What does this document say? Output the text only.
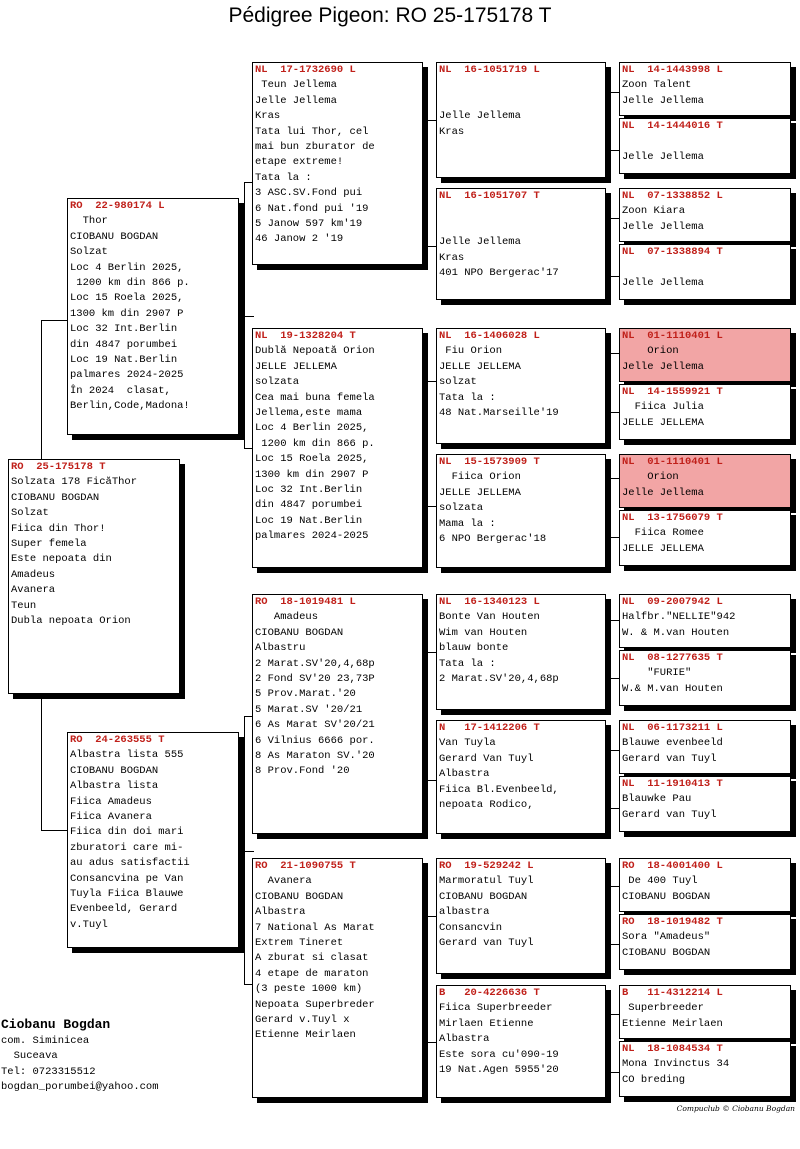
Pédigree Pigeon: RO 25-175178 T
RO  25-175178 T
Solzata 178 FicăThor
CIOBANU BOGDAN
Solzat
Fiica din Thor!
Super femela
Este nepoata din
Amadeus
Avanera
Teun
Dubla nepoata Orion
RO  22-980174 L
Thor
CIOBANU BOGDAN
Solzat
Loc 4 Berlin 2025,
1200 km din 866 p.
Loc 15 Roela 2025,
1300 km din 2907 P
Loc 32 Int.Berlin
din 4847 porumbei
Loc 19 Nat.Berlin
palmares 2024-2025
În 2024  clasat,
Berlin,Code,Madona!
RO  24-263555 T
Albastra lista 555
CIOBANU BOGDAN
Albastra lista
Fiica Amadeus
Fiica Avanera
Fiica din doi mari
zburatori care mi-
au adus satisfactii
Consancvina pe Van
Tuyla Fiica Blauwe
Evenbeeld, Gerard
v.Tuyl
NL  17-1732690 L
Teun Jellema
Jelle Jellema
Kras
Tata lui Thor, cel
mai bun zburator de
etape extreme!
Tata la :
3 ASC.SV.Fond pui
6 Nat.fond pui '19
5 Janow 597 km'19
46 Janow 2 '19
NL  19-1328204 T
Dublă Nepoată Orion
JELLE JELLEMA
solzata
Cea mai buna femela
Jellema,este mama
Loc 4 Berlin 2025,
1200 km din 866 p.
Loc 15 Roela 2025,
1300 km din 2907 P
Loc 32 Int.Berlin
din 4847 porumbei
Loc 19 Nat.Berlin
palmares 2024-2025
RO  18-1019481 L
Amadeus
CIOBANU BOGDAN
Albastru
2 Marat.SV'20,4,68p
2 Fond SV'20 23,73P
5 Prov.Marat.'20
5 Marat.SV '20/21
6 As Marat SV'20/21
6 Vilnius 6666 por.
8 As Maraton SV.'20
8 Prov.Fond '20
RO  21-1090755 T
Avanera
CIOBANU BOGDAN
Albastra
7 National As Marat
Extrem Tineret
A zburat si clasat
4 etape de maraton
(3 peste 1000 km)
Nepoata Superbreder
Gerard v.Tuyl x
Etienne Meirlaen
NL  16-1051719 L

Jelle Jellema
Kras
NL  16-1051707 T

Jelle Jellema
Kras
401 NPO Bergerac'17
NL  16-1406028 L
Fiu Orion
JELLE JELLEMA
solzat
Tata la :
48 Nat.Marseille'19
NL  15-1573909 T
Fiica Orion
JELLE JELLEMA
solzata
Mama la :
6 NPO Bergerac'18
NL  16-1340123 L
Bonte Van Houten
Wim van Houten
blauw bonte
Tata la :
2 Marat.SV'20,4,68p
N   17-1412206 T
Van Tuyla
Gerard Van Tuyl
Albastra
Fiica Bl.Evenbeeld,
nepoata Rodico,
RO  19-529242 L
Marmoratul Tuyl
CIOBANU BOGDAN
albastra
Consancvin
Gerard van Tuyl
B   20-4226636 T
Fiica Superbreeder
Mirlaen Etienne
Albastra
Este sora cu'090-19
19 Nat.Agen 5955'20
NL  14-1443998 L
Zoon Talent
Jelle Jellema
NL  14-1444016 T

Jelle Jellema
NL  07-1338852 L
Zoon Kiara
Jelle Jellema
NL  07-1338894 T

Jelle Jellema
NL  01-1110401 L
Orion
Jelle Jellema
NL  14-1559921 T
Fiica Julia
JELLE JELLEMA
NL  01-1110401 L
Orion
Jelle Jellema
NL  13-1756079 T
Fiica Romee
JELLE JELLEMA
NL  09-2007942 L
Halfbr."NELLIE"942
W. & M.van Houten
NL  08-1277635 T
"FURIE"
W.& M.van Houten
NL  06-1173211 L
Blauwe evenbeeld
Gerard van Tuyl
NL  11-1910413 T
Blauwke Pau
Gerard van Tuyl
RO  18-4001400 L
De 400 Tuyl
CIOBANU BOGDAN
RO  18-1019482 T
Sora "Amadeus"
CIOBANU BOGDAN
B   11-4312214 L
Superbreeder
Etienne Meirlaen
NL  18-1084534 T
Mona Invinctus 34
CO breding
Ciobanu Bogdan
com. Siminicea
Suceava
Tel: 0723315512
bogdan_porumbei@yahoo.com
Compuclub © Ciobanu Bogdan
